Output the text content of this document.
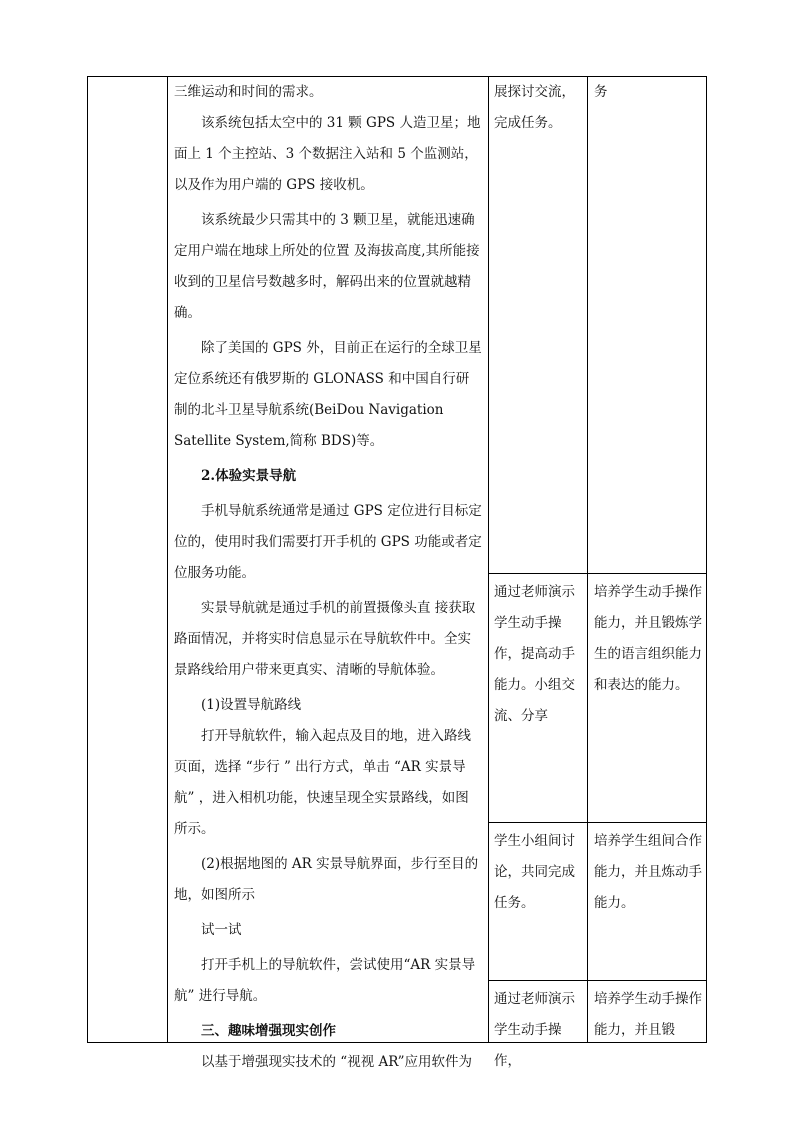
三维运动和时间的需求。

该系统包括太空中的 31 颗 GPS 人造卫星；地面上 1 个主控站、3 个数据注入站和 5 个监测站，以及作为用户端的 GPS 接收机。

该系统最少只需其中的 3 颗卫星，就能迅速确定用户端在地球上所处的位置 及海拔高度,其所能接收到的卫星信号数越多时，解码出来的位置就越精确。

除了美国的 GPS 外，目前正在运行的全球卫星定位系统还有俄罗斯的 GLONASS 和中国自行研制的北斗卫星导航系统(BeiDou Navigation Satellite System,简称 BDS)等。

2.体验实景导航

手机导航系统通常是通过 GPS 定位进行目标定位的，使用时我们需要打开手机的 GPS 功能或者定位服务功能。

实景导航就是通过手机的前置摄像头直 接获取路面情况，并将实时信息显示在导航软件中。全实景路线给用户带来更真实、清晰的导航体验。

(1)设置导航路线

打开导航软件，输入起点及目的地，进入路线页面，选择 “步行 ” 出行方式，单击 “AR 实景导航” ，进入相机功能，快速呈现全实景路线，如图所示。

(2)根据地图的 AR 实景导航界面，步行至目的地，如图所示

试一试

打开手机上的导航软件，尝试使用“AR 实景导航” 进行导航。

三、趣味增强现实创作

以基于增强现实技术的 “视视 AR”应用软件为

展探讨交流，完成任务。

通过老师演示学生动手操作，提高动手能力。小组交流、分享

学生小组间讨论，共同完成任务。

通过老师演示学生动手操作，

务

培养学生动手操作能力，并且锻炼学生的语言组织能力和表达的能力。

培养学生组间合作能力，并且炼动手能力。

培养学生动手操作能力，并且锻
